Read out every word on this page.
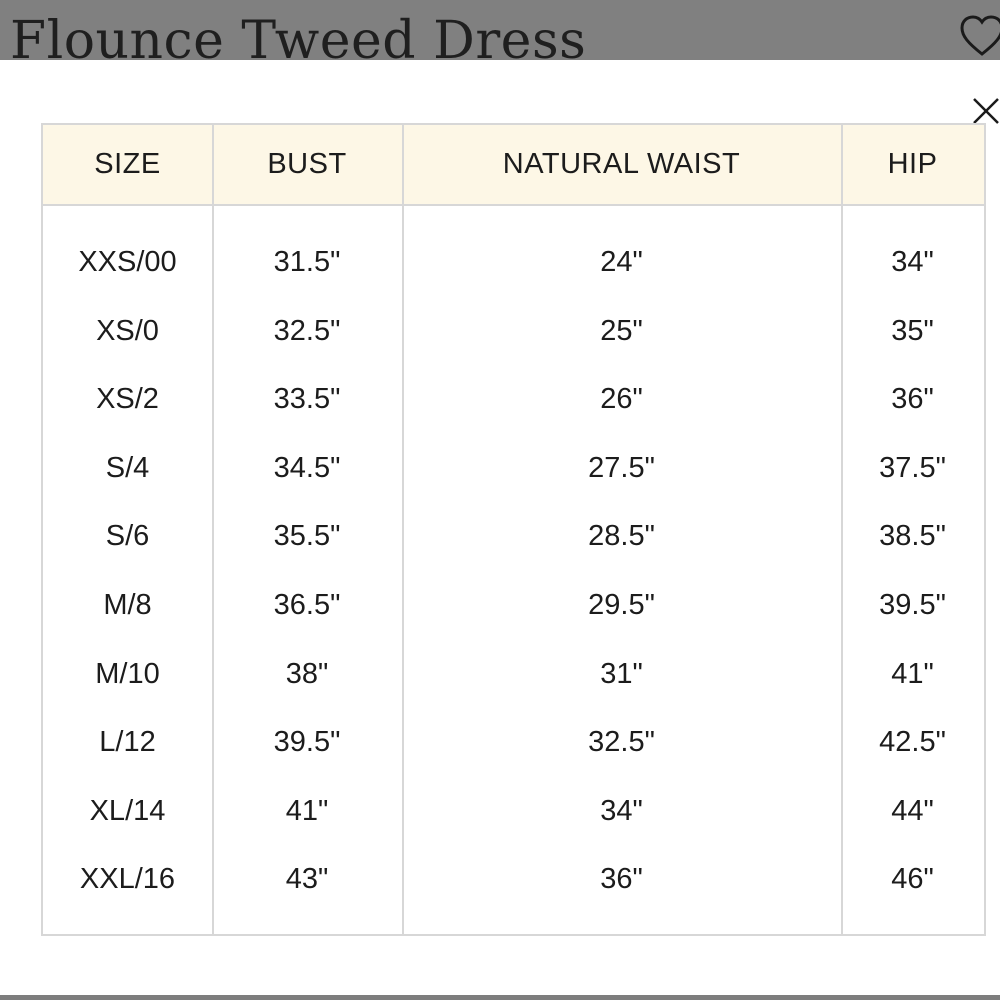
Flounce Tweed Dress
SIZE	BUST	NATURAL WAIST	HIP
XXS/00	31.5"	24"	34"
XS/0	32.5"	25"	35"
XS/2	33.5"	26"	36"
S/4	34.5"	27.5"	37.5"
S/6	35.5"	28.5"	38.5"
M/8	36.5"	29.5"	39.5"
M/10	38"	31"	41"
L/12	39.5"	32.5"	42.5"
XL/14	41"	34"	44"
XXL/16	43"	36"	46"
